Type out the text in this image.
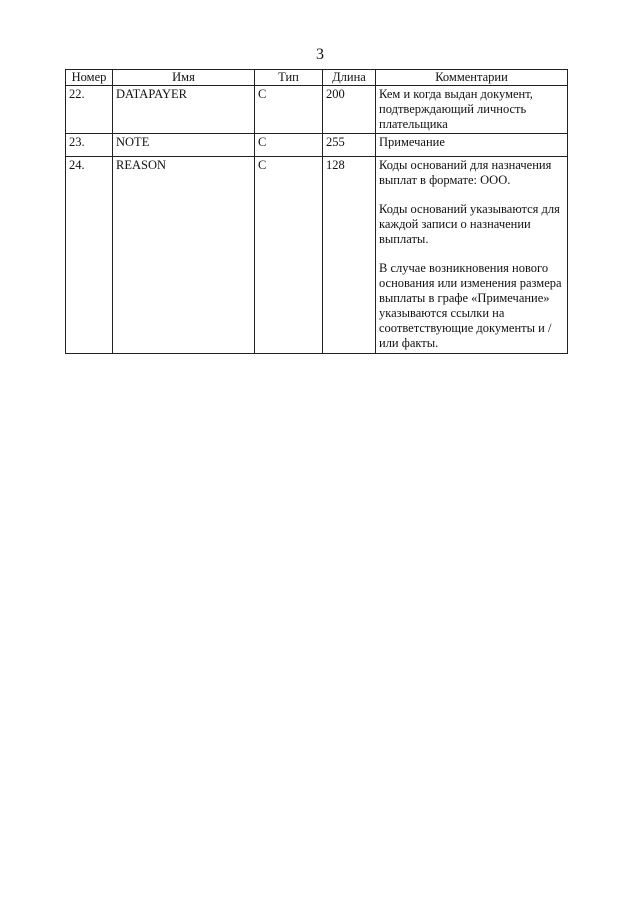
3
Номер	Имя	Тип	Длина	Комментарии
22.	DATAPAYER	C	200	Кем и когда выдан документ, подтверждающий личность плательщика

23.	NOTE	C	255	Примечание

24.	REASON	C	128	Коды оснований для назначения выплат в формате: ООО.

Коды оснований указываются для каждой записи о назначении выплаты.

В случае возникновения нового основания или изменения размера выплаты в графе «Примечание» указываются ссылки на соответствующие документы и / или факты.
